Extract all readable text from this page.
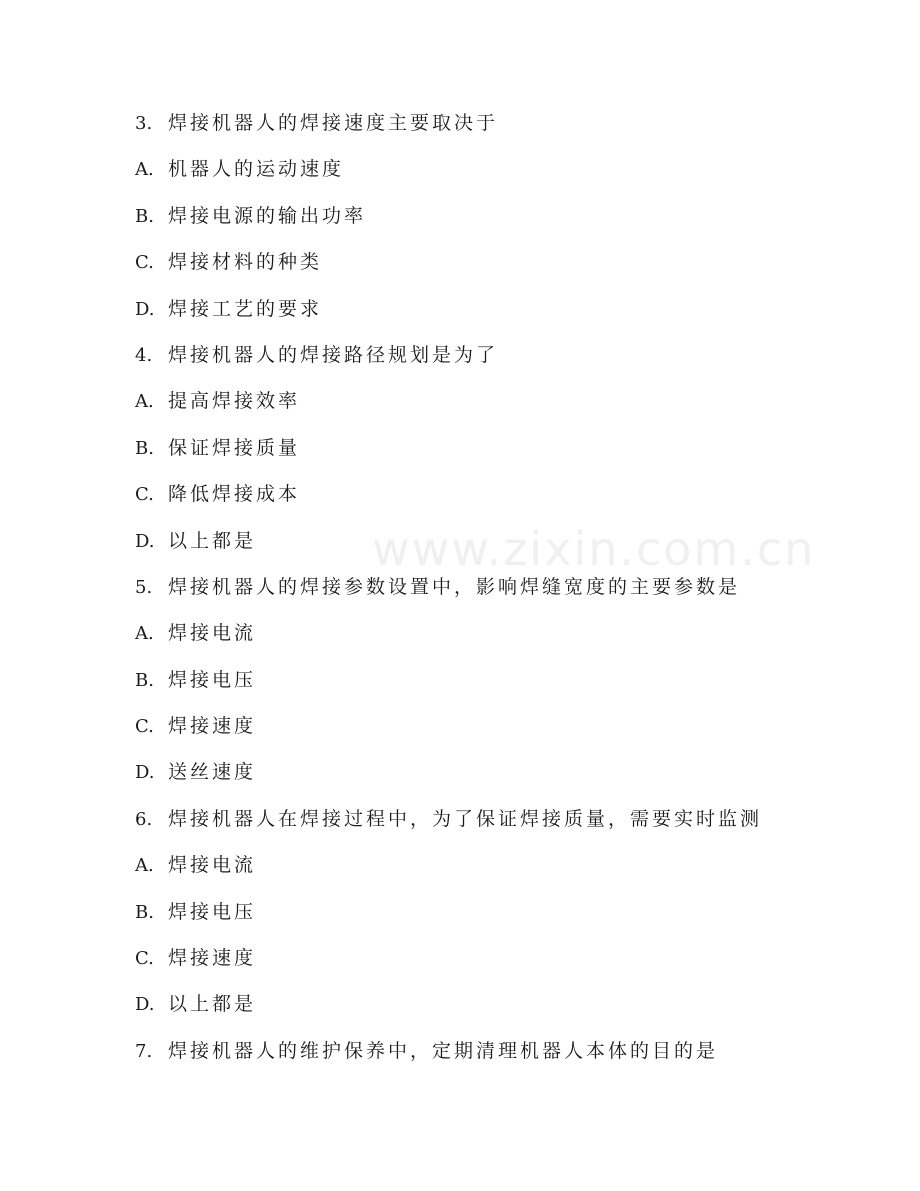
www.zixin.com.cn
3. 焊接机器人的焊接速度主要取决于
A. 机器人的运动速度
B. 焊接电源的输出功率
C. 焊接材料的种类
D. 焊接工艺的要求
4. 焊接机器人的焊接路径规划是为了
A. 提高焊接效率
B. 保证焊接质量
C. 降低焊接成本
D. 以上都是
5. 焊接机器人的焊接参数设置中，影响焊缝宽度的主要参数是
A. 焊接电流
B. 焊接电压
C. 焊接速度
D. 送丝速度
6. 焊接机器人在焊接过程中，为了保证焊接质量，需要实时监测
A. 焊接电流
B. 焊接电压
C. 焊接速度
D. 以上都是
7. 焊接机器人的维护保养中，定期清理机器人本体的目的是
